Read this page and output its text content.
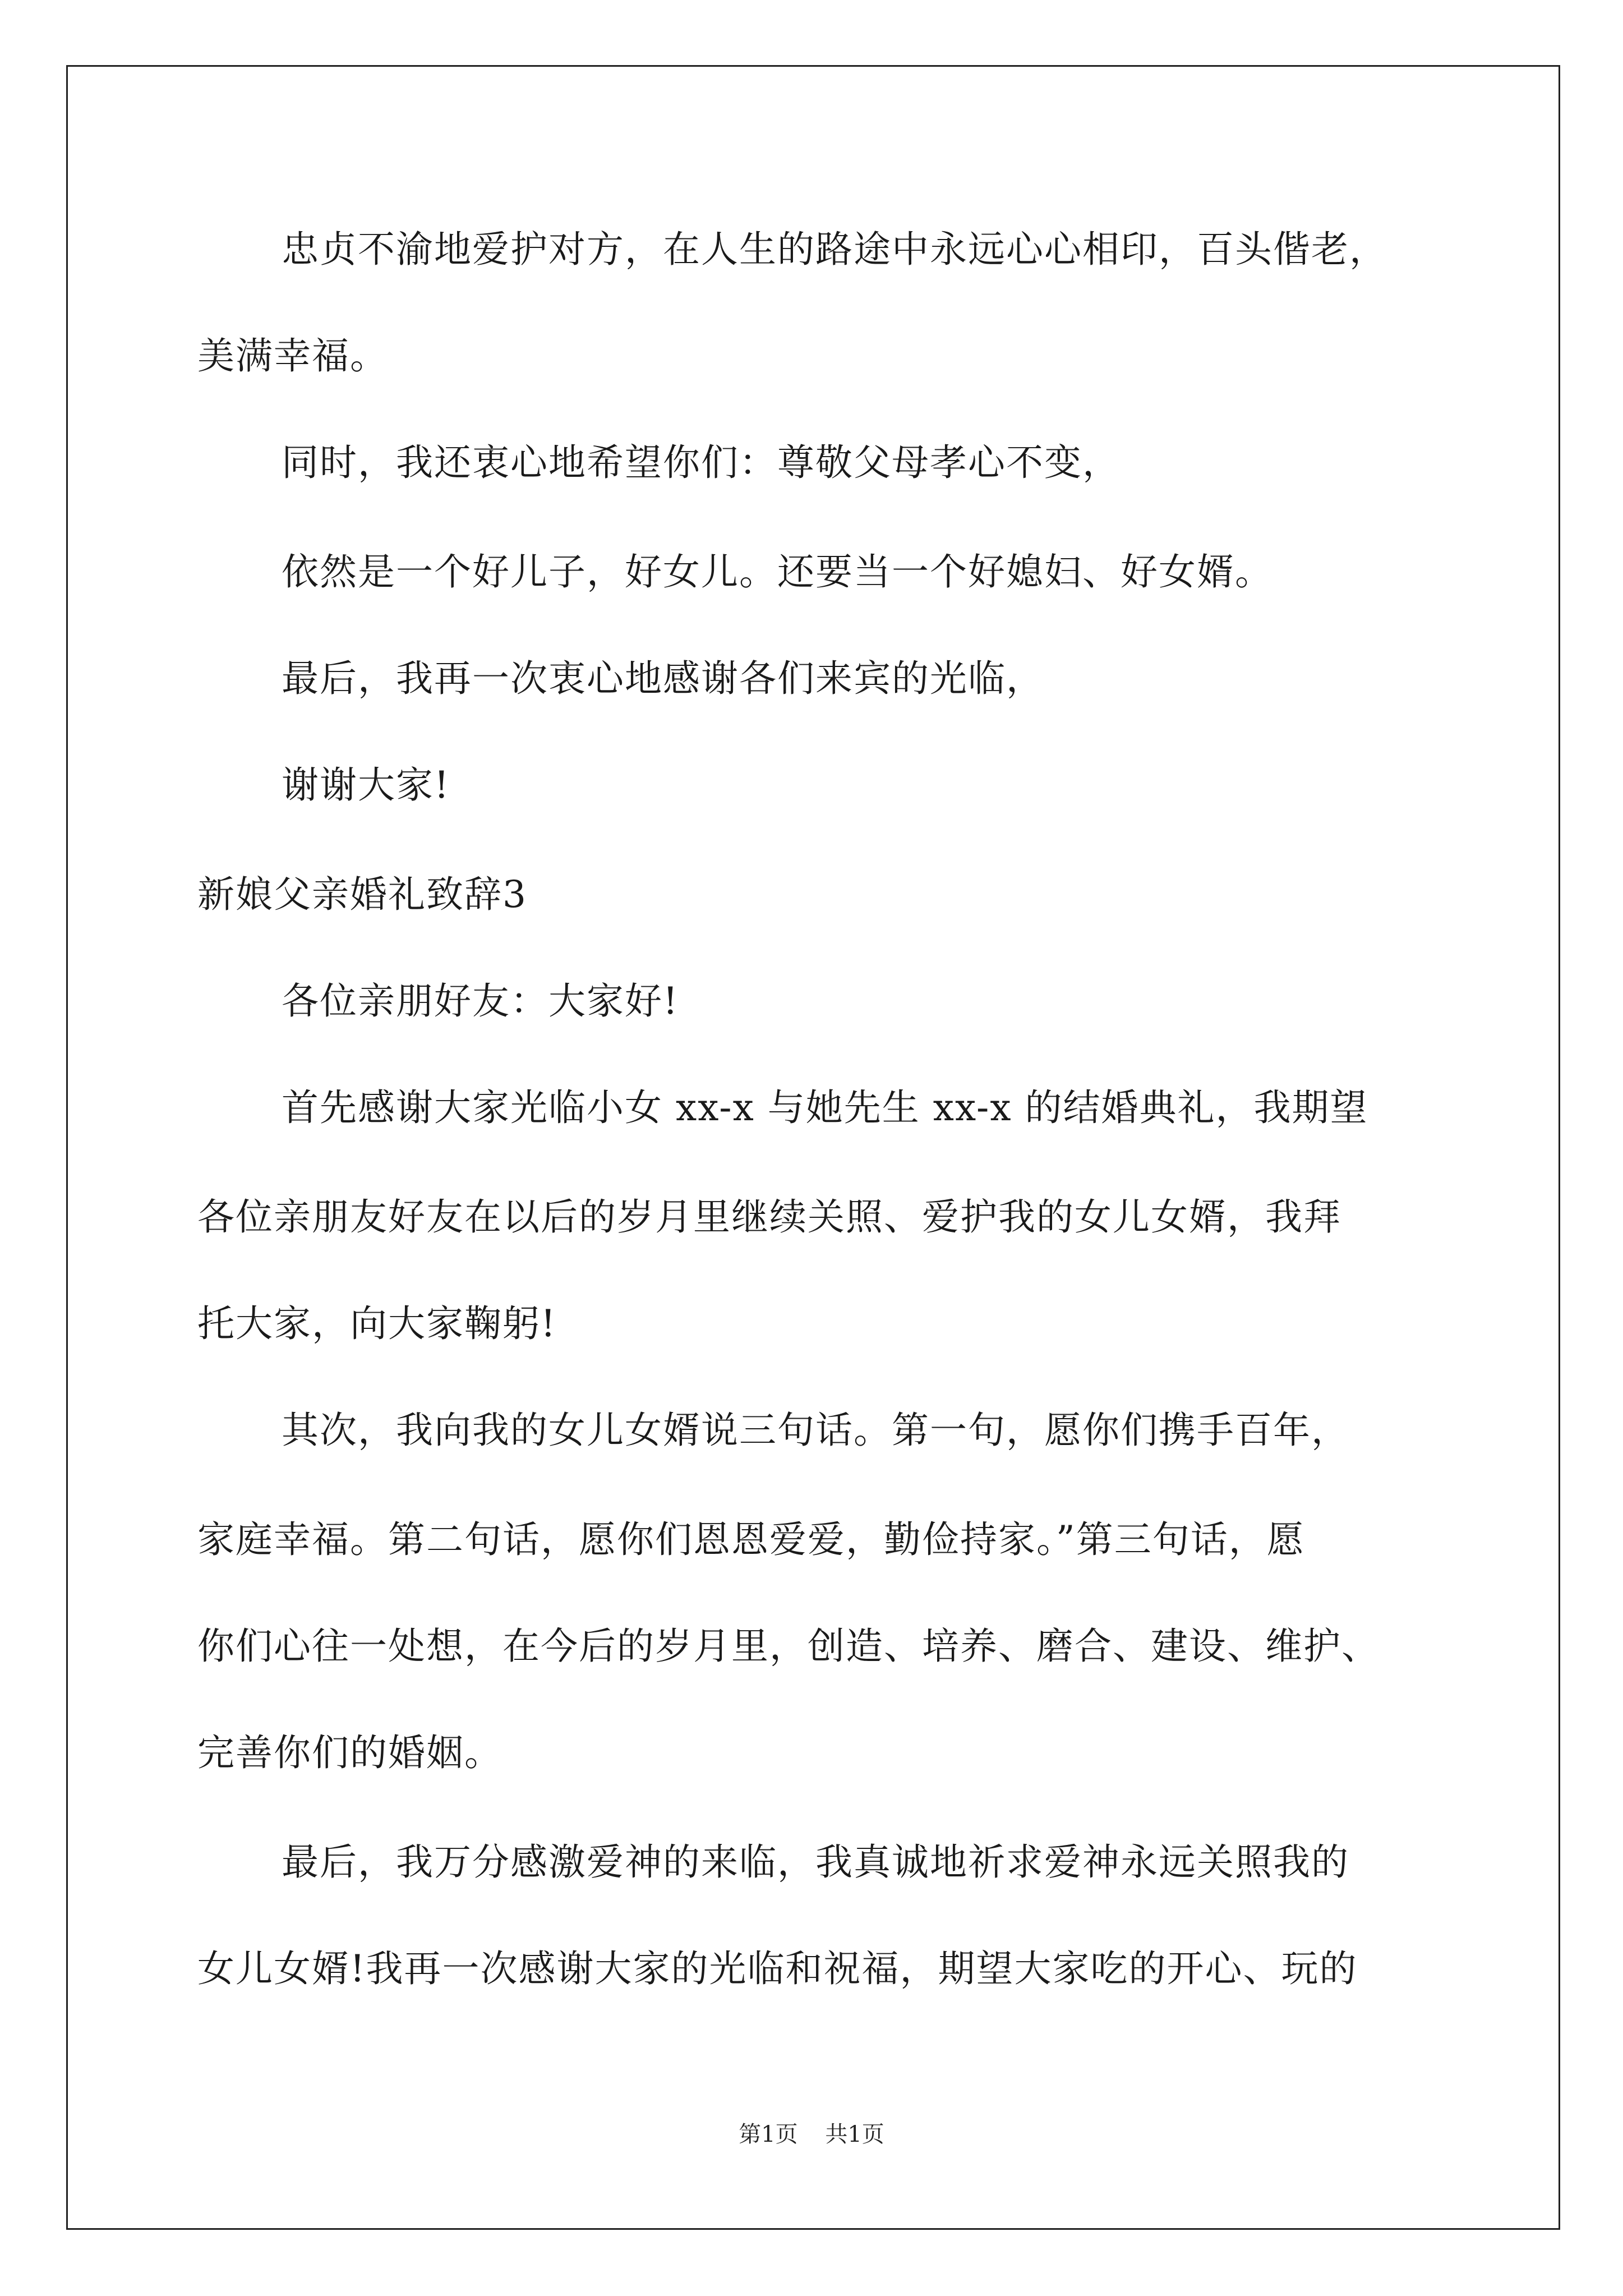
忠贞不渝地爱护对方，在人生的路途中永远心心相印，百头偕老，
美满幸福。
同时，我还衷心地希望你们：尊敬父母孝心不变，
依然是一个好儿子，好女儿。还要当一个好媳妇、好女婿。
最后，我再一次衷心地感谢各们来宾的光临，
谢谢大家!
新娘父亲婚礼致辞3
各位亲朋好友：大家好!
首先感谢大家光临小女 xx-x 与她先生 xx-x 的结婚典礼，我期望
各位亲朋友好友在以后的岁月里继续关照、爱护我的女儿女婿，我拜
托大家，向大家鞠躬!
其次，我向我的女儿女婿说三句话。第一句，愿你们携手百年，
家庭幸福。第二句话，愿你们恩恩爱爱，勤俭持家。”第三句话，愿
你们心往一处想，在今后的岁月里，创造、培养、磨合、建设、维护、
完善你们的婚姻。
最后，我万分感激爱神的来临，我真诚地祈求爱神永远关照我的
女儿女婿!我再一次感谢大家的光临和祝福，期望大家吃的开心、玩的
第1页 共1页
